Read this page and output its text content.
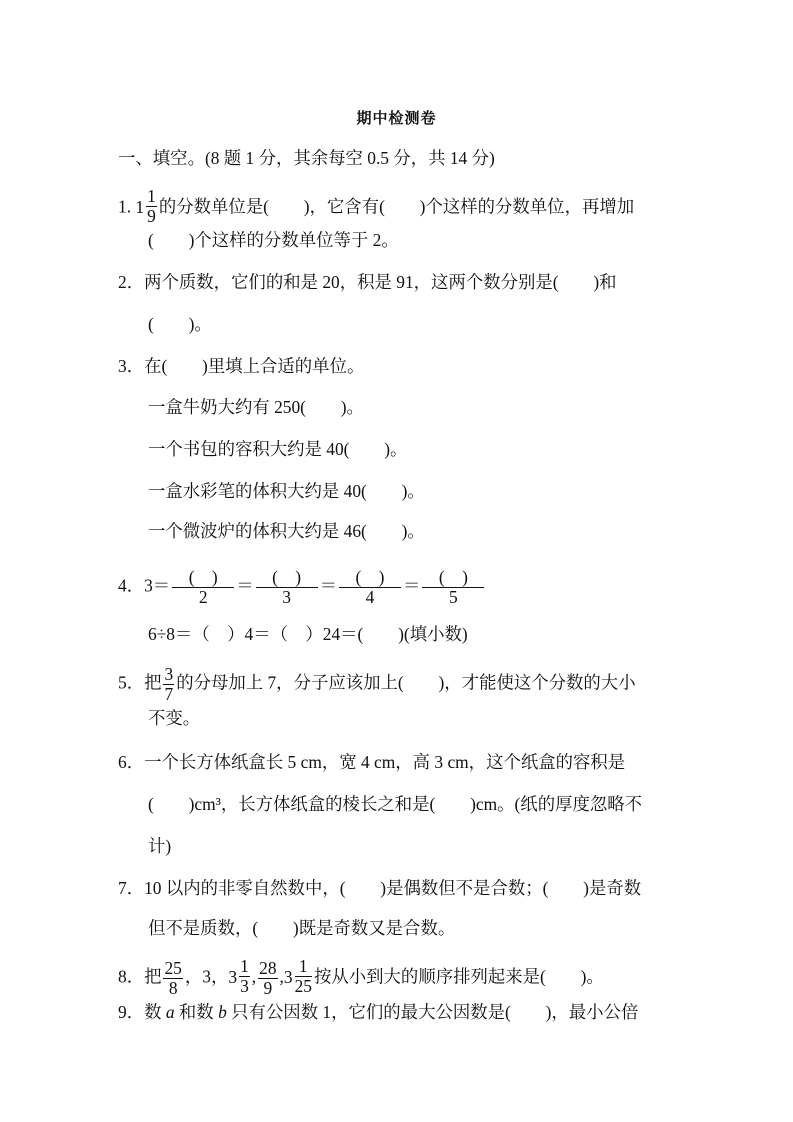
期中检测卷
一、填空。(8 题 1 分，其余每空 0.5 分，共 14 分)
1. $1 \frac{1}{9}$ 的分数单位是(　　)，它含有(　　)个这样的分数单位，再增加
(　　)个这样的分数单位等于 2。
2．两个质数，它们的和是 20，积是 91，这两个数分别是(　　)和
(　　)。
3．在(　　)里填上合适的单位。
一盒牛奶大约有 250(　　)。
一个书包的容积大约是 40(　　)。
一盒水彩笔的体积大约是 40(　　)。
一个微波炉的体积大约是 46(　　)。
4．$3= \frac{( )}{2} = \frac{( )}{3} = \frac{( )}{4} = \frac{( )}{5}$
6÷8＝（　）4＝（　）24＝(　　)(填小数)
5．把 $\frac{3}{7}$ 的分母加上 7，分子应该加上(　　)，才能使这个分数的大小
不变。
6．一个长方体纸盒长 5 cm，宽 4 cm，高 3 cm，这个纸盒的容积是
(　　)cm³，长方体纸盒的棱长之和是(　　)cm。(纸的厚度忽略不
计)
7．10 以内的非零自然数中，(　　)是偶数但不是合数；(　　)是奇数
但不是质数，(　　)既是奇数又是合数。
8．把 $\frac{25}{8}$ ，3， $3 \frac{1}{3}$ , $\frac{28}{9}$ , $3 \frac{1}{25}$ 按从小到大的顺序排列起来是(　　)。
9．数 a 和数 b 只有公因数 1，它们的最大公因数是(　　)，最小公倍
